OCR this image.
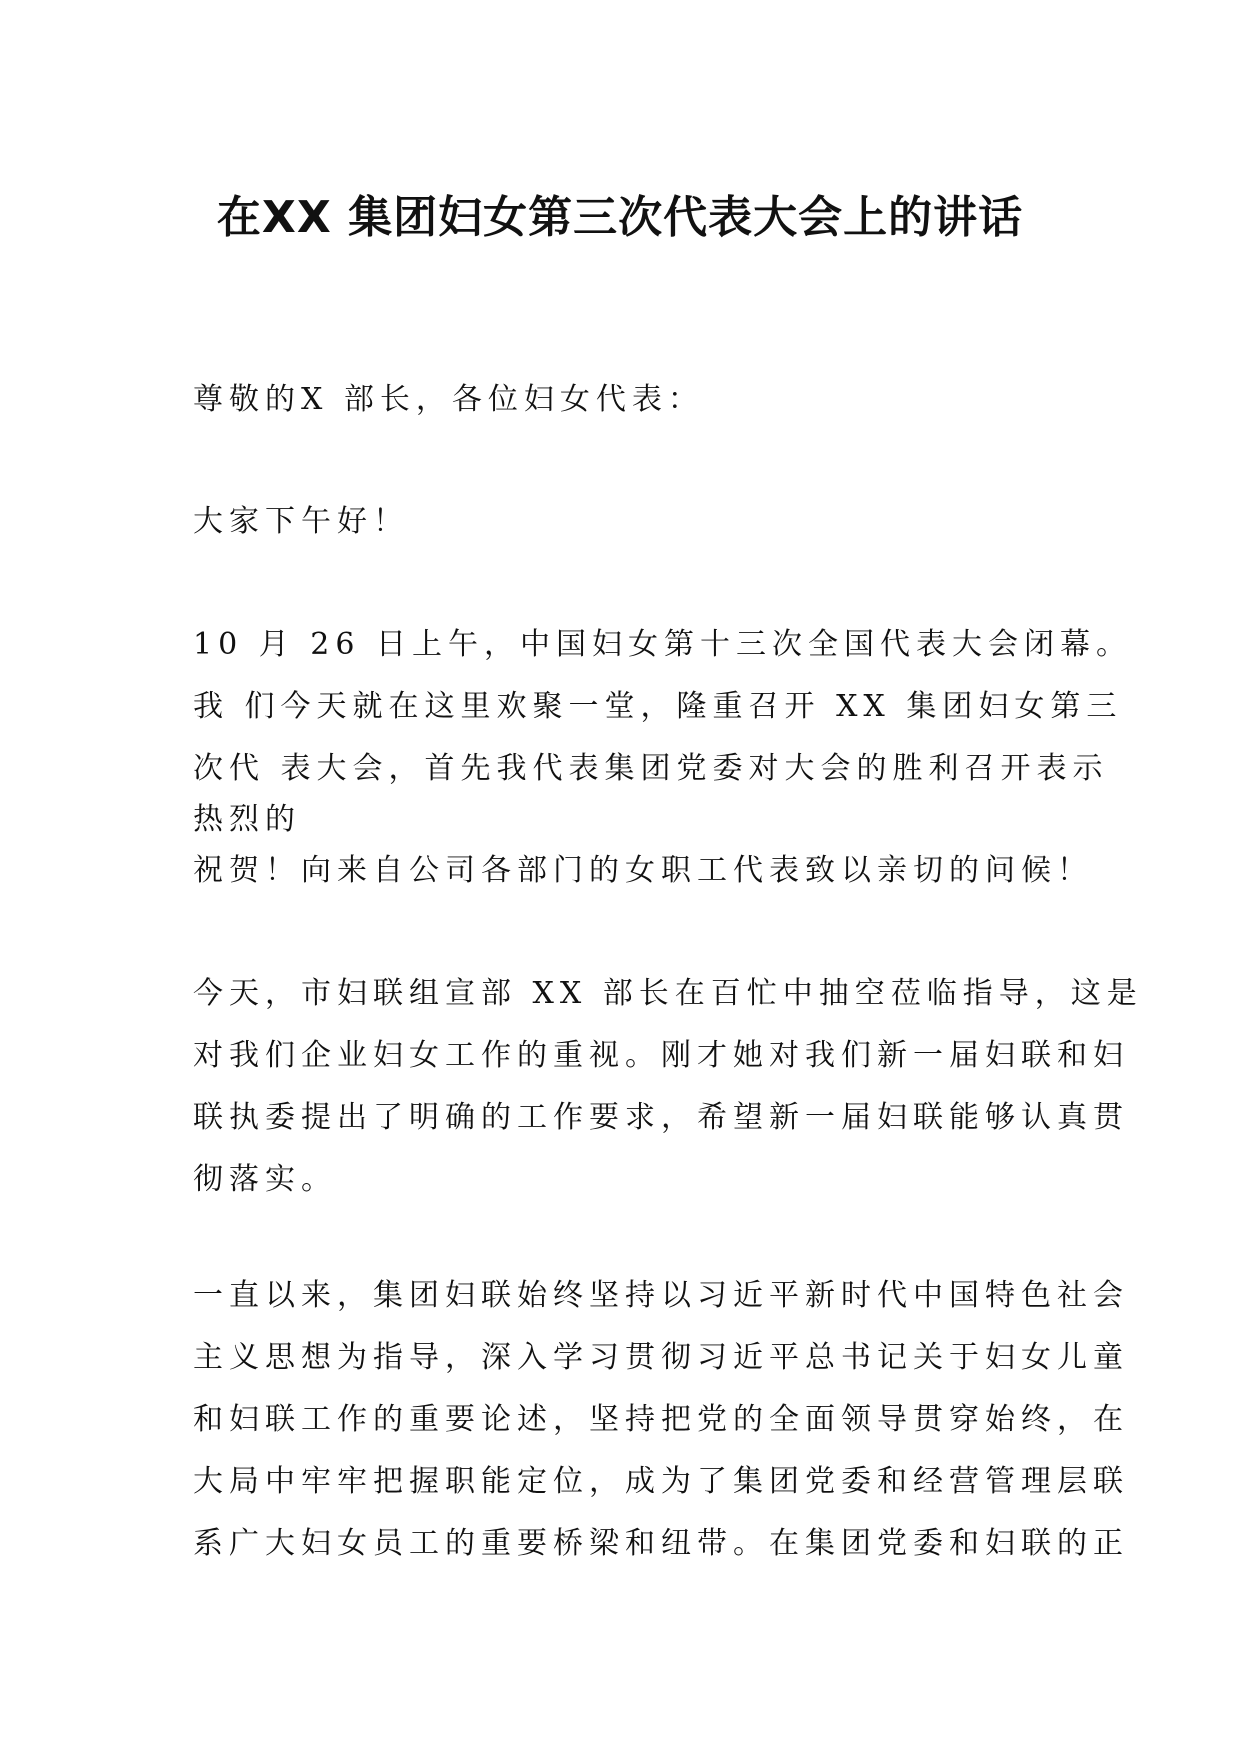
在XX 集团妇女第三次代表大会上的讲话

尊敬的X 部长，各位妇女代表：

大家下午好！

10 月 26 日上午，中国妇女第十三次全国代表大会闭幕。
我 们今天就在这里欢聚一堂，隆重召开 XX 集团妇女第三
次代 表大会，首先我代表集团党委对大会的胜利召开表示
热烈的
祝贺！向来自公司各部门的女职工代表致以亲切的问候！

今天，市妇联组宣部 XX 部长在百忙中抽空莅临指导，这是
对我们企业妇女工作的重视。刚才她对我们新一届妇联和妇
联执委提出了明确的工作要求，希望新一届妇联能够认真贯
彻落实。

一直以来，集团妇联始终坚持以习近平新时代中国特色社会
主义思想为指导，深入学习贯彻习近平总书记关于妇女儿童
和妇联工作的重要论述，坚持把党的全面领导贯穿始终，在
大局中牢牢把握职能定位，成为了集团党委和经营管理层联
系广大妇女员工的重要桥梁和纽带。在集团党委和妇联的正
